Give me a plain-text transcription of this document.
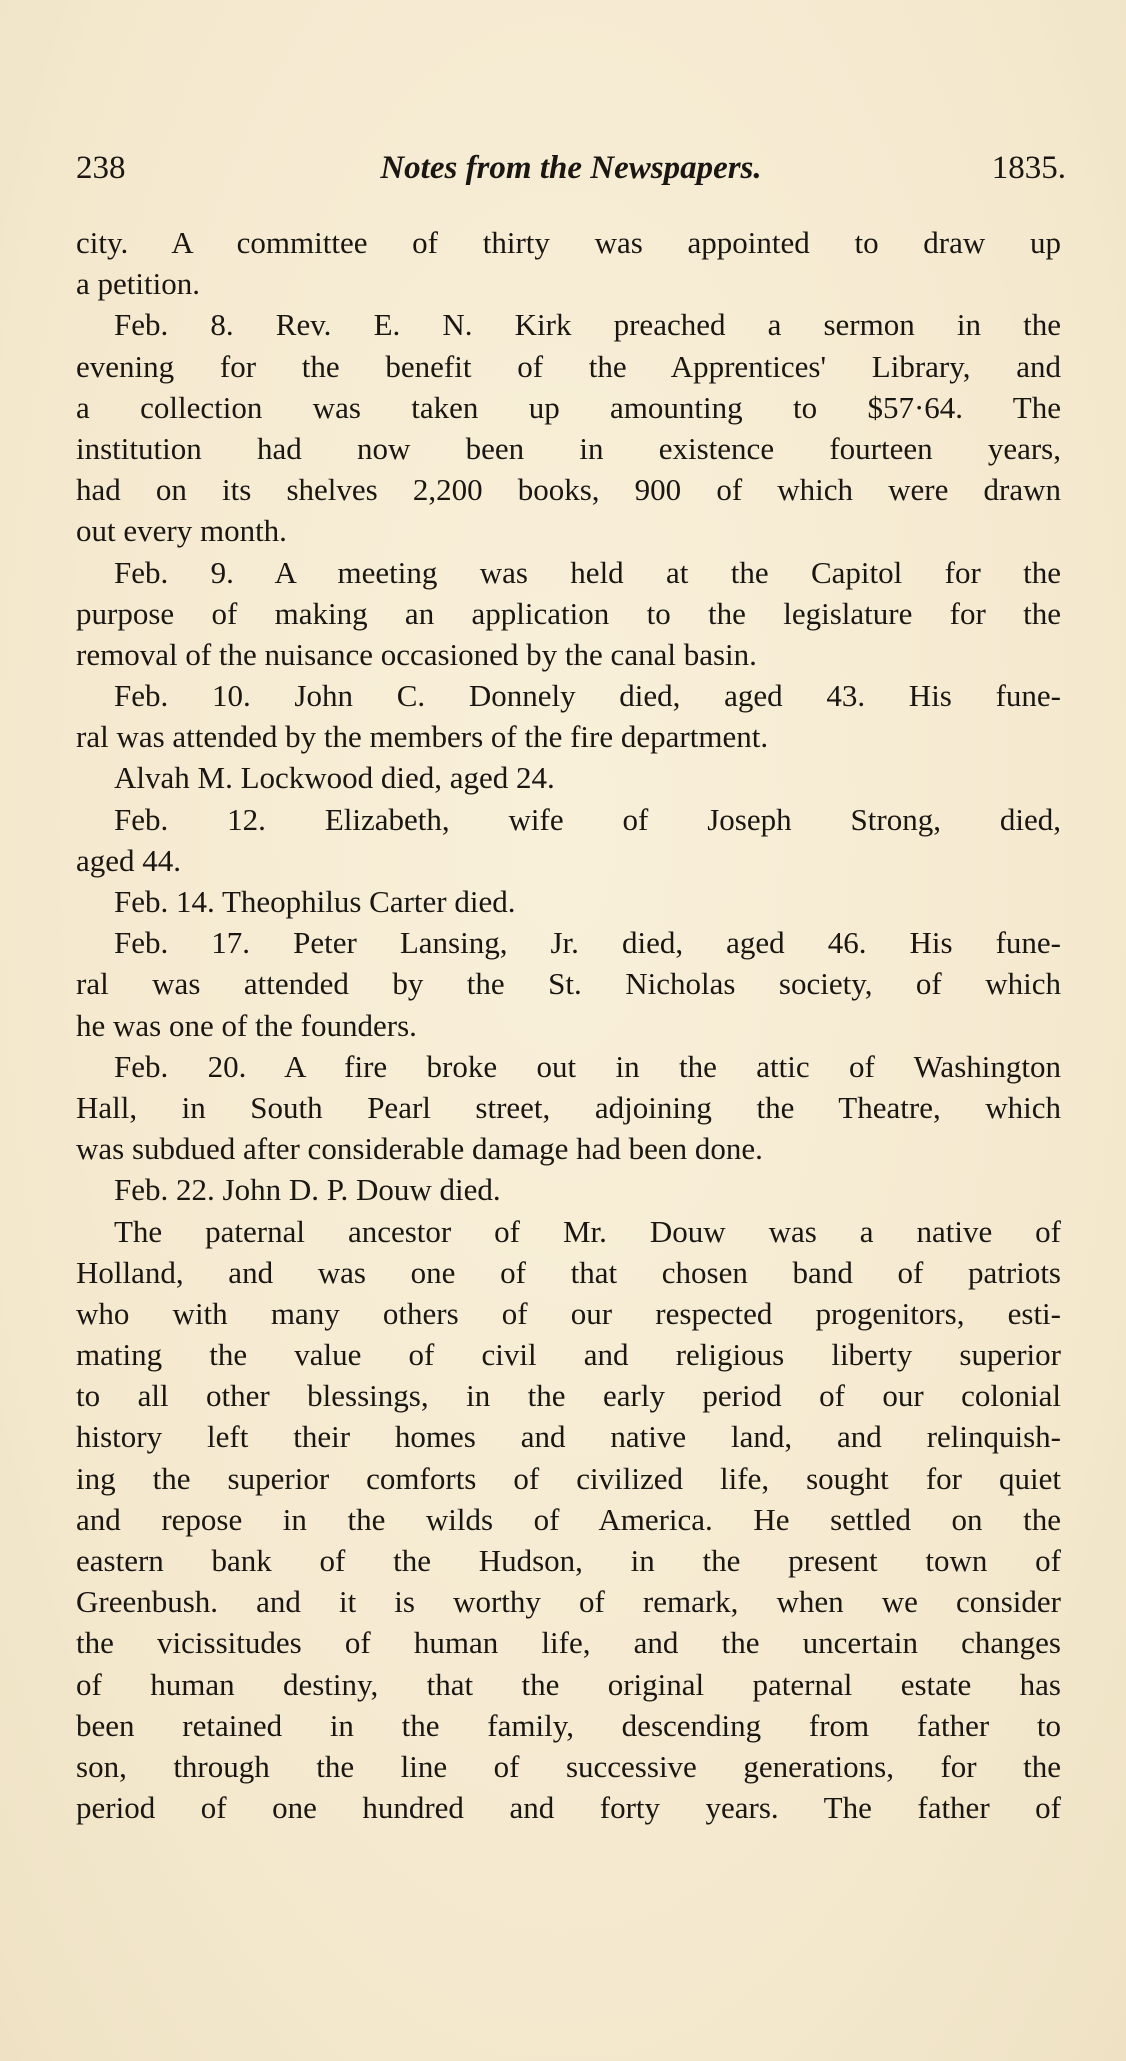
238	Notes from the Newspapers.	1835.
city. A committee of thirty was appointed to draw up
a petition.
Feb. 8. Rev. E. N. Kirk preached a sermon in the
evening for the benefit of the Apprentices' Library, and
a collection was taken up amounting to $57·64. The
institution had now been in existence fourteen years,
had on its shelves 2,200 books, 900 of which were drawn
out every month.
Feb. 9. A meeting was held at the Capitol for the
purpose of making an application to the legislature for the
removal of the nuisance occasioned by the canal basin.
Feb. 10. John C. Donnely died, aged 43. His fune-
ral was attended by the members of the fire department.
Alvah M. Lockwood died, aged 24.
Feb. 12. Elizabeth, wife of Joseph Strong, died,
aged 44.
Feb. 14. Theophilus Carter died.
Feb. 17. Peter Lansing, Jr. died, aged 46. His fune-
ral was attended by the St. Nicholas society, of which
he was one of the founders.
Feb. 20. A fire broke out in the attic of Washington
Hall, in South Pearl street, adjoining the Theatre, which
was subdued after considerable damage had been done.
Feb. 22. John D. P. Douw died.
The paternal ancestor of Mr. Douw was a native of
Holland, and was one of that chosen band of patriots
who with many others of our respected progenitors, esti-
mating the value of civil and religious liberty superior
to all other blessings, in the early period of our colonial
history left their homes and native land, and relinquish-
ing the superior comforts of civilized life, sought for quiet
and repose in the wilds of America. He settled on the
eastern bank of the Hudson, in the present town of
Greenbush. and it is worthy of remark, when we consider
the vicissitudes of human life, and the uncertain changes
of human destiny, that the original paternal estate has
been retained in the family, descending from father to
son, through the line of successive generations, for the
period of one hundred and forty years. The father of
